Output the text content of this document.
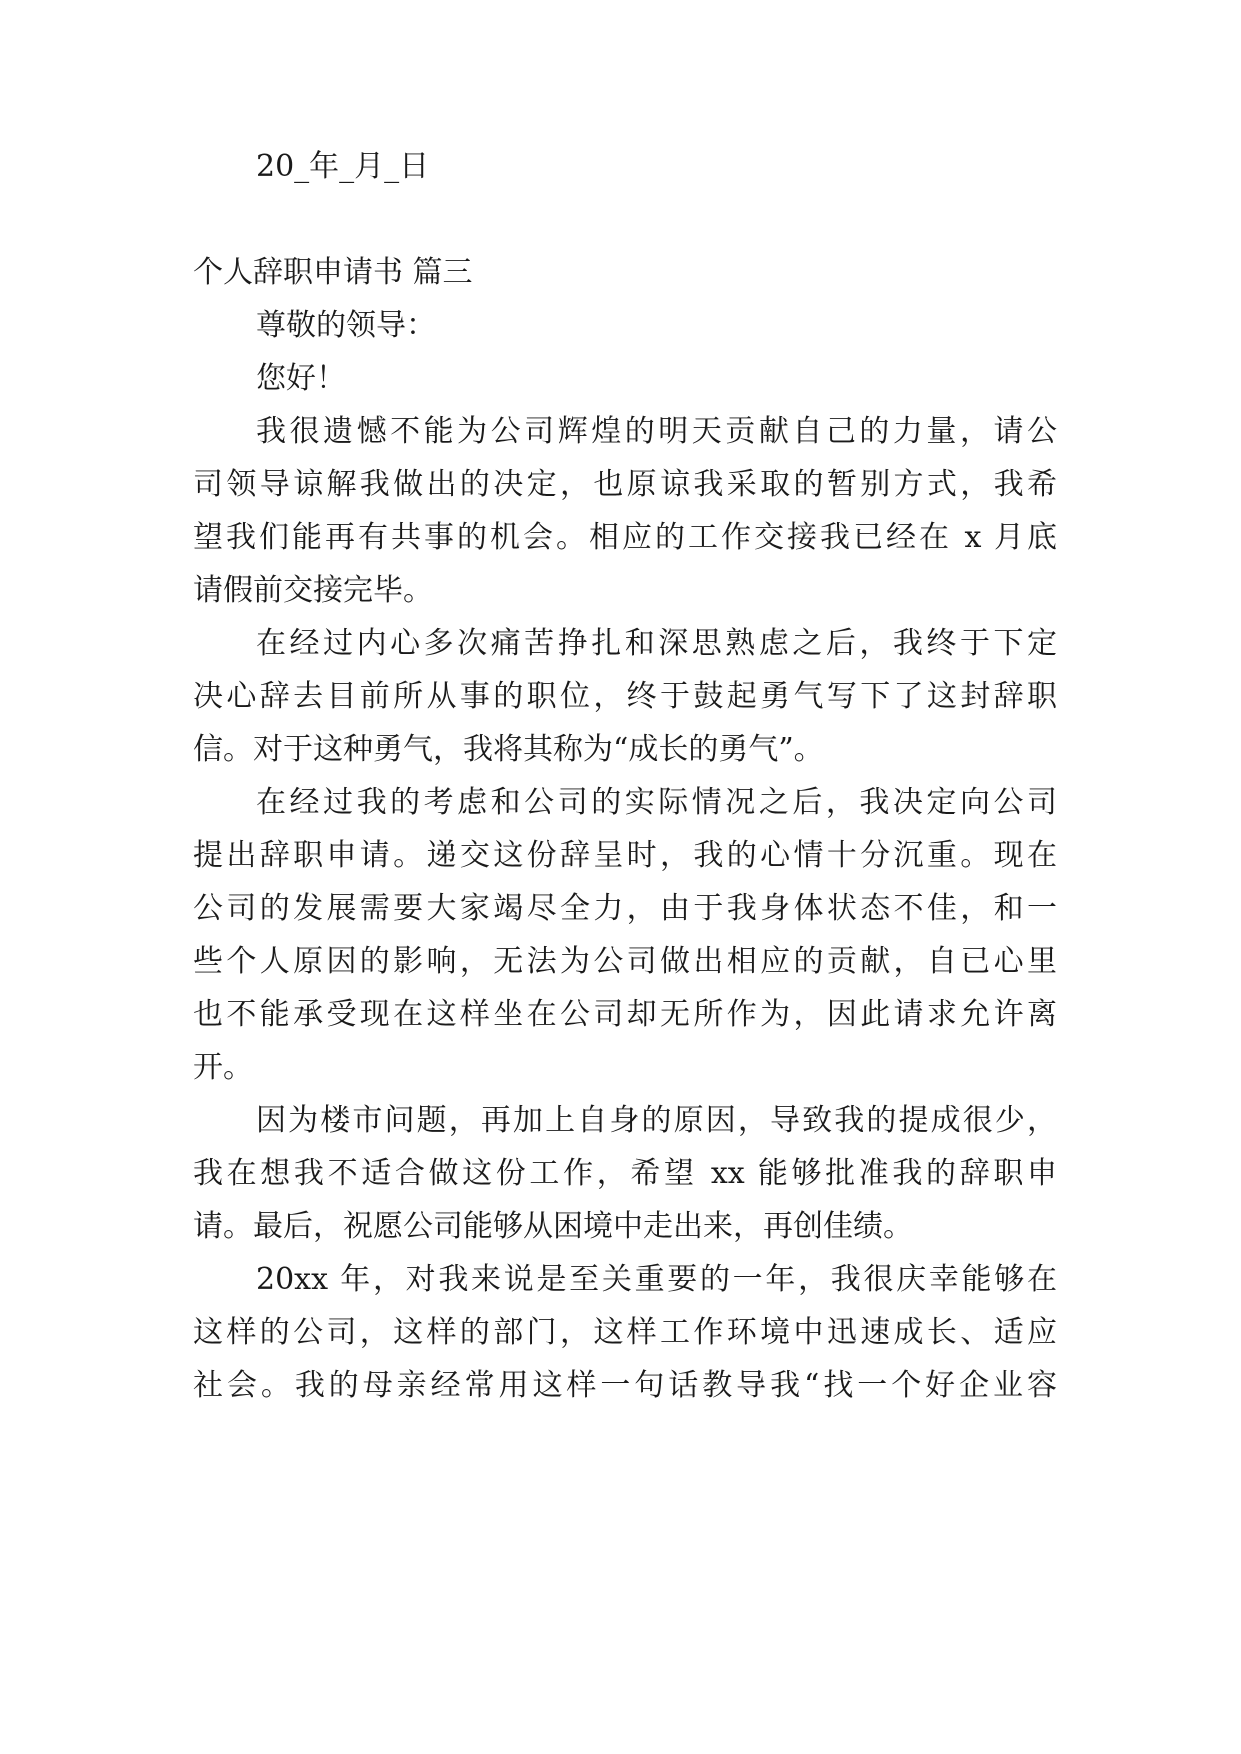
20_年_月_日
个人辞职申请书 篇三
尊敬的领导：
您好！
我很遗憾不能为公司辉煌的明天贡献自己的力量，请公
司领导谅解我做出的决定，也原谅我采取的暂别方式，我希
望我们能再有共事的机会。相应的工作交接我已经在 x 月底
请假前交接完毕。
在经过内心多次痛苦挣扎和深思熟虑之后，我终于下定
决心辞去目前所从事的职位，终于鼓起勇气写下了这封辞职
信。对于这种勇气，我将其称为“成长的勇气”。
在经过我的考虑和公司的实际情况之后，我决定向公司
提出辞职申请。递交这份辞呈时，我的心情十分沉重。现在
公司的发展需要大家竭尽全力，由于我身体状态不佳，和一
些个人原因的影响，无法为公司做出相应的贡献，自已心里
也不能承受现在这样坐在公司却无所作为，因此请求允许离
开。
因为楼市问题，再加上自身的原因，导致我的提成很少，
我在想我不适合做这份工作，希望 xx 能够批准我的辞职申
请。最后，祝愿公司能够从困境中走出来，再创佳绩。
20xx 年，对我来说是至关重要的一年，我很庆幸能够在
这样的公司，这样的部门，这样工作环境中迅速成长、适应
社会。我的母亲经常用这样一句话教导我“找一个好企业容
